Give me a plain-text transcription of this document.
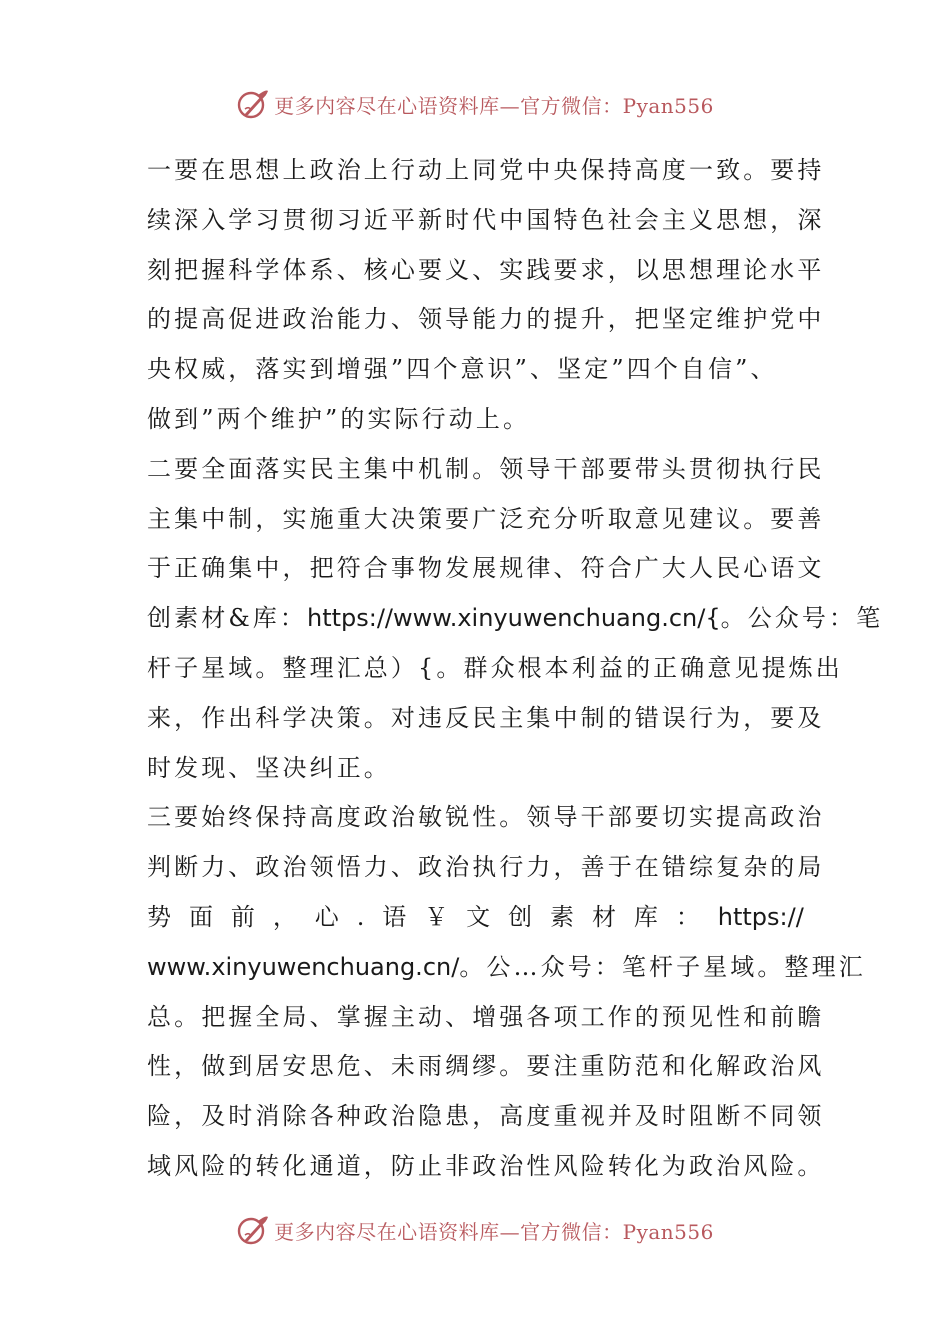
更多内容尽在心语资料库—官方微信：Pyan556

一要在思想上政治上行动上同党中央保持高度一致。要持
续深入学习贯彻习近平新时代中国特色社会主义思想，深
刻把握科学体系、核心要义、实践要求，以思想理论水平
的提高促进政治能力、领导能力的提升，把坚定维护党中
央权威，落实到增强”四个意识”、坚定”四个自信”、
做到”两个维护”的实际行动上。

二要全面落实民主集中机制。领导干部要带头贯彻执行民
主集中制，实施重大决策要广泛充分听取意见建议。要善
于正确集中，把符合事物发展规律、符合广大人民心语文
创素材&库：https://www.xinyuwenchuang.cn/{。公众号：笔
杆子星域。整理汇总）{。群众根本利益的正确意见提炼出
来，作出科学决策。对违反民主集中制的错误行为，要及
时发现、坚决纠正。

三要始终保持高度政治敏锐性。领导干部要切实提高政治
判断力、政治领悟力、政治执行力，善于在错综复杂的局
势 面 前 ， 心 . 语 ￥ 文 创 素 材 库 ： https://
www.xinyuwenchuang.cn/。公…众号：笔杆子星域。整理汇
总。把握全局、掌握主动、增强各项工作的预见性和前瞻
性，做到居安思危、未雨绸缪。要注重防范和化解政治风
险，及时消除各种政治隐患，高度重视并及时阻断不同领
域风险的转化通道，防止非政治性风险转化为政治风险。

更多内容尽在心语资料库—官方微信：Pyan556
